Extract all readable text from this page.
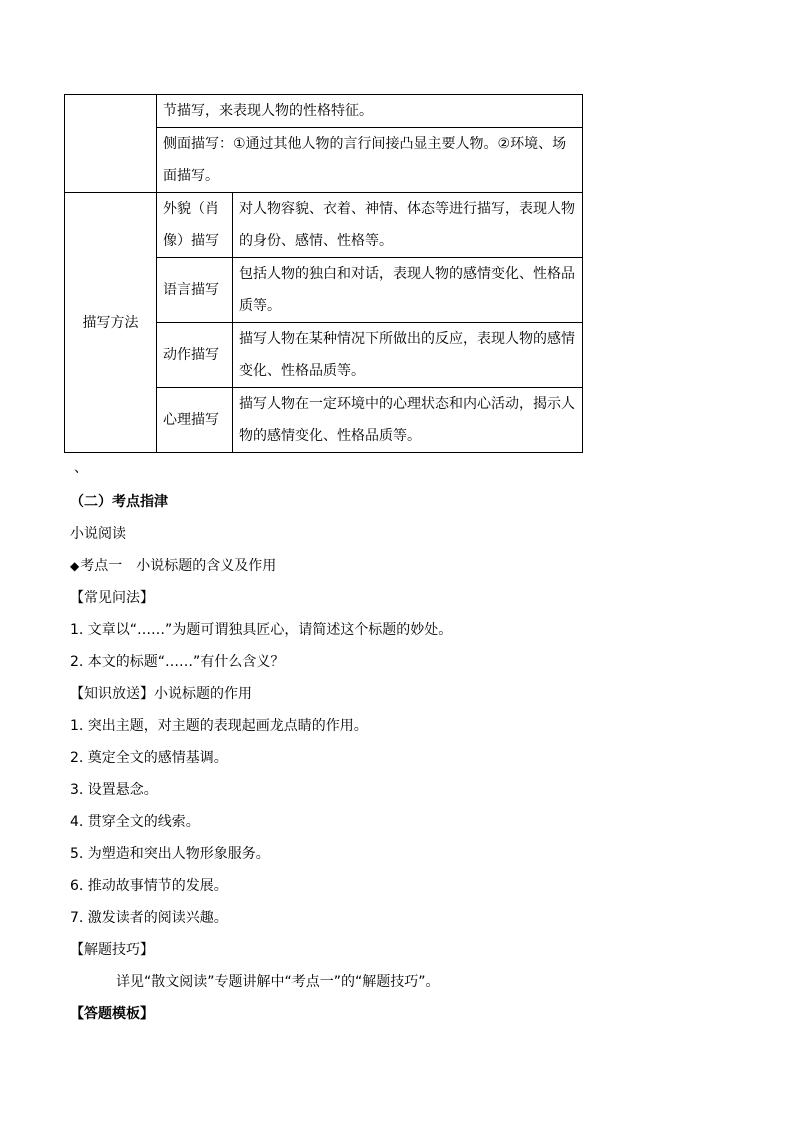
	节描写，来表现人物的性格特征。	
	侧面描写：①通过其他人物的言行间接凸显主要人物。②环境、场面描写。	
描写方法	外貌（肖像）描写	对人物容貌、衣着、神情、体态等进行描写，表现人物的身份、感情、性格等。
	语言描写	包括人物的独白和对话，表现人物的感情变化、性格品质等。
	动作描写	描写人物在某种情况下所做出的反应，表现人物的感情变化、性格品质等。
	心理描写	描写人物在一定环境中的心理状态和内心活动，揭示人物的感情变化、性格品质等。
、
（二）考点指津
小说阅读
◆考点一　小说标题的含义及作用
【常见问法】
1. 文章以“……”为题可谓独具匠心，请简述这个标题的妙处。
2. 本文的标题“……”有什么含义？
【知识放送】小说标题的作用
1. 突出主题，对主题的表现起画龙点睛的作用。
2. 奠定全文的感情基调。
3. 设置悬念。
4. 贯穿全文的线索。
5. 为塑造和突出人物形象服务。
6. 推动故事情节的发展。
7. 激发读者的阅读兴趣。
【解题技巧】
详见“散文阅读”专题讲解中“考点一”的“解题技巧”。
【答题模板】
